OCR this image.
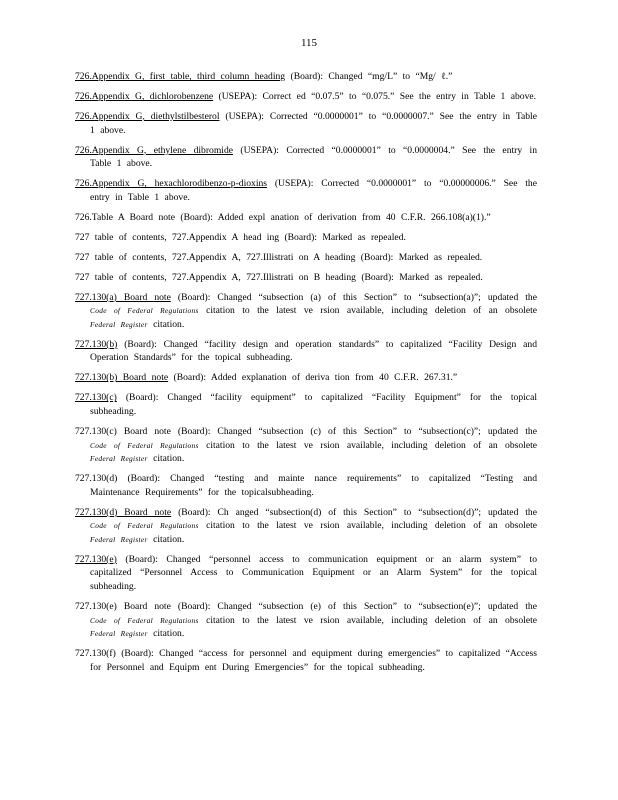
115
726.Appendix G, first table, third column heading (Board): Changed “mg/L” to “Mg/ ℓ.”
726.Appendix G, dichlorobenzene (USEPA): Correct ed “0.07.5” to “0.075.” See the entry in Table 1 above.
726.Appendix G, diethylstilbesterol (USEPA): Corrected “0.0000001” to “0.0000007.” See the entry in Table 1 above.
726.Appendix G, ethylene dibromide (USEPA): Corrected “0.0000001” to “0.0000004.” See the entry in Table 1 above.
726.Appendix G, hexachlorodibenzo-p-dioxins (USEPA): Corrected “0.0000001” to “0.00000006.” See the entry in Table 1 above.
726.Table A Board note (Board): Added expl anation of derivation from 40 C.F.R. 266.108(a)(1).”
727 table of contents, 727.Appendix A head ing (Board): Marked as repealed.
727 table of contents, 727.Appendix A, 727.Illistrati on A heading (Board): Marked as repealed.
727 table of contents, 727.Appendix A, 727.Illistrati on B heading (Board): Marked as repealed.
727.130(a) Board note (Board): Changed “subsection (a) of this Section” to “subsection(a)”; updated the Code of Federal Regulations citation to the latest ve rsion available, including deletion of an obsolete Federal Register citation.
727.130(b) (Board): Changed “facility design and operation standards” to capitalized “Facility Design and Operation Standards” for the topical subheading.
727.130(b) Board note (Board): Added explanation of deriva tion from 40 C.F.R. 267.31.”
727.130(c) (Board): Changed “facility equipment” to capitalized “Facility Equipment” for the topical subheading.
727.130(c) Board note (Board): Changed “subsection (c) of this Section” to “subsection(c)”; updated the Code of Federal Regulations citation to the latest ve rsion available, including deletion of an obsolete Federal Register citation.
727.130(d) (Board): Changed “testing and mainte nance requirements” to capitalized “Testing and Maintenance Requirements” for the topicalsubheading.
727.130(d) Board note (Board): Ch anged “subsection(d) of this Section” to “subsection(d)”; updated the Code of Federal Regulations citation to the latest ve rsion available, including deletion of an obsolete Federal Register citation.
727.130(e) (Board): Changed “personnel access to communication equipment or an alarm system” to capitalized “Personnel Access to Communication Equipment or an Alarm System” for the topical subheading.
727.130(e) Board note (Board): Changed “subsection (e) of this Section” to “subsection(e)”; updated the Code of Federal Regulations citation to the latest ve rsion available, including deletion of an obsolete Federal Register citation.
727.130(f) (Board): Changed “access for personnel and equipment during emergencies” to capitalized “Access for Personnel and Equipm ent During Emergencies” for the topical subheading.
